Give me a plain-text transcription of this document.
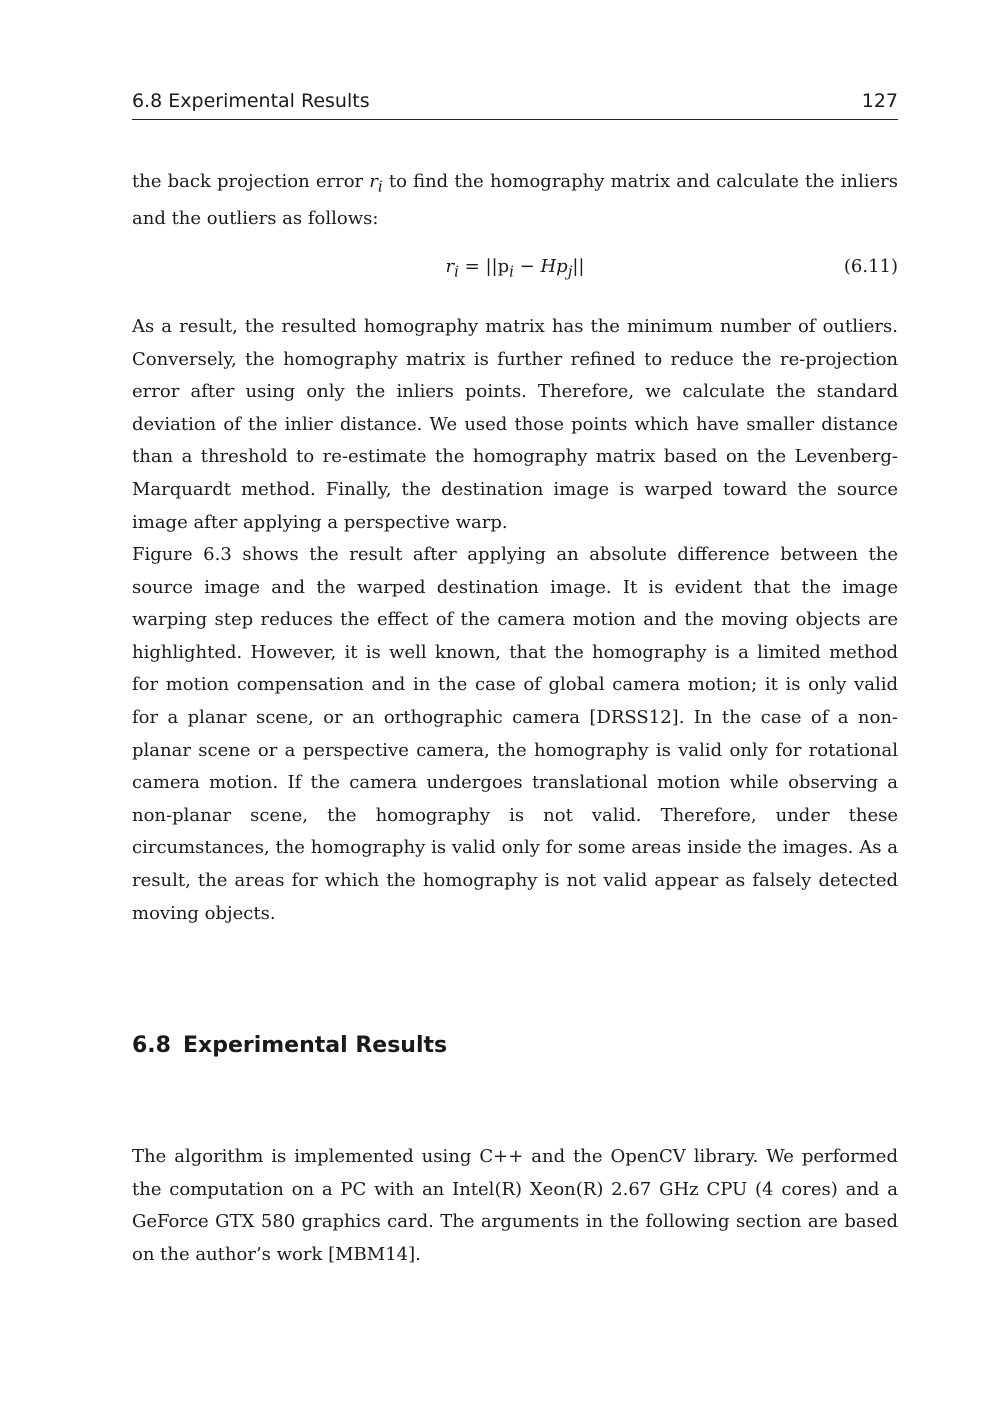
6.8 Experimental Results	127

the back projection error $r_i$ to find the homography matrix and calculate the inliers and the outliers as follows:

$r_i = ||p_i - Hp_j||$	(6.11)

As a result, the resulted homography matrix has the minimum number of outliers. Conversely, the homography matrix is further refined to reduce the re-projection error after using only the inliers points. Therefore, we calculate the standard deviation of the inlier distance. We used those points which have smaller distance than a threshold to re-estimate the homography matrix based on the Levenberg-Marquardt method. Finally, the destination image is warped toward the source image after applying a perspective warp.

Figure 6.3 shows the result after applying an absolute difference between the source image and the warped destination image. It is evident that the image warping step reduces the effect of the camera motion and the moving objects are highlighted. However, it is well known, that the homography is a limited method for motion compensation and in the case of global camera motion; it is only valid for a planar scene, or an orthographic camera [DRSS12]. In the case of a non-planar scene or a perspective camera, the homography is valid only for rotational camera motion. If the camera undergoes translational motion while observing a non-planar scene, the homography is not valid. Therefore, under these circumstances, the homography is valid only for some areas inside the images. As a result, the areas for which the homography is not valid appear as falsely detected moving objects.

6.8 Experimental Results

The algorithm is implemented using C++ and the OpenCV library. We performed the computation on a PC with an Intel(R) Xeon(R) 2.67 GHz CPU (4 cores) and a GeForce GTX 580 graphics card. The arguments in the following section are based on the author’s work [MBM14].
